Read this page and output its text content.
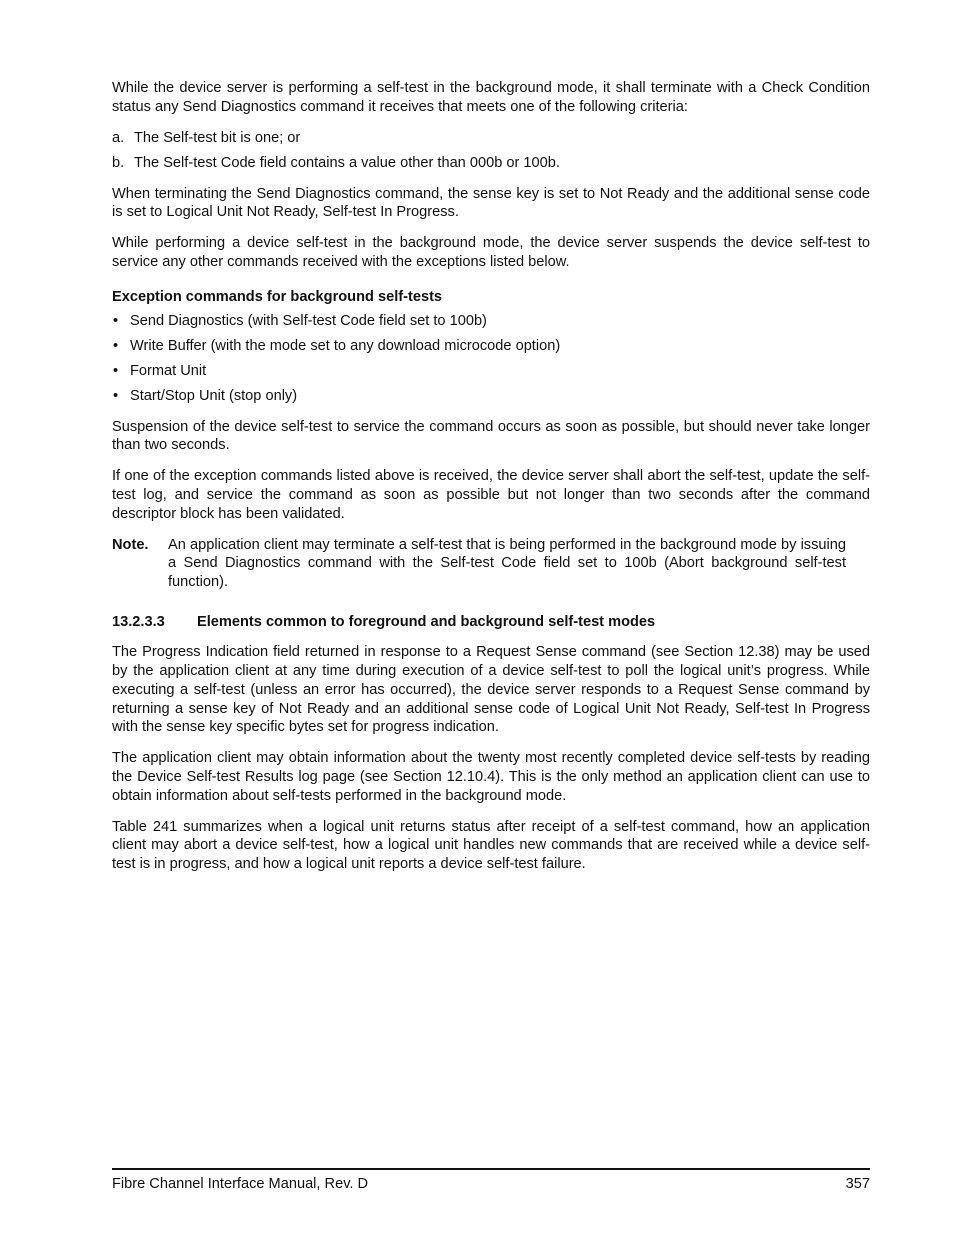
While the device server is performing a self-test in the background mode, it shall terminate with a Check Condition status any Send Diagnostics command it receives that meets one of the following criteria:

a. The Self-test bit is one; or
b. The Self-test Code field contains a value other than 000b or 100b.

When terminating the Send Diagnostics command, the sense key is set to Not Ready and the additional sense code is set to Logical Unit Not Ready, Self-test In Progress.

While performing a device self-test in the background mode, the device server suspends the device self-test to service any other commands received with the exceptions listed below.

Exception commands for background self-tests
• Send Diagnostics (with Self-test Code field set to 100b)
• Write Buffer (with the mode set to any download microcode option)
• Format Unit
• Start/Stop Unit (stop only)

Suspension of the device self-test to service the command occurs as soon as possible, but should never take longer than two seconds.

If one of the exception commands listed above is received, the device server shall abort the self-test, update the self-test log, and service the command as soon as possible but not longer than two seconds after the command descriptor block has been validated.

Note.	An application client may terminate a self-test that is being performed in the background mode by issuing a Send Diagnostics command with the Self-test Code field set to 100b (Abort background self-test function).
13.2.3.3	Elements common to foreground and background self-test modes

The Progress Indication field returned in response to a Request Sense command (see Section 12.38) may be used by the application client at any time during execution of a device self-test to poll the logical unit’s progress. While executing a self-test (unless an error has occurred), the device server responds to a Request Sense command by returning a sense key of Not Ready and an additional sense code of Logical Unit Not Ready, Self-test In Progress with the sense key specific bytes set for progress indication.

The application client may obtain information about the twenty most recently completed device self-tests by reading the Device Self-test Results log page (see Section 12.10.4). This is the only method an application client can use to obtain information about self-tests performed in the background mode.

Table 241 summarizes when a logical unit returns status after receipt of a self-test command, how an application client may abort a device self-test, how a logical unit handles new commands that are received while a device self-test is in progress, and how a logical unit reports a device self-test failure.

Fibre Channel Interface Manual, Rev. D	357
